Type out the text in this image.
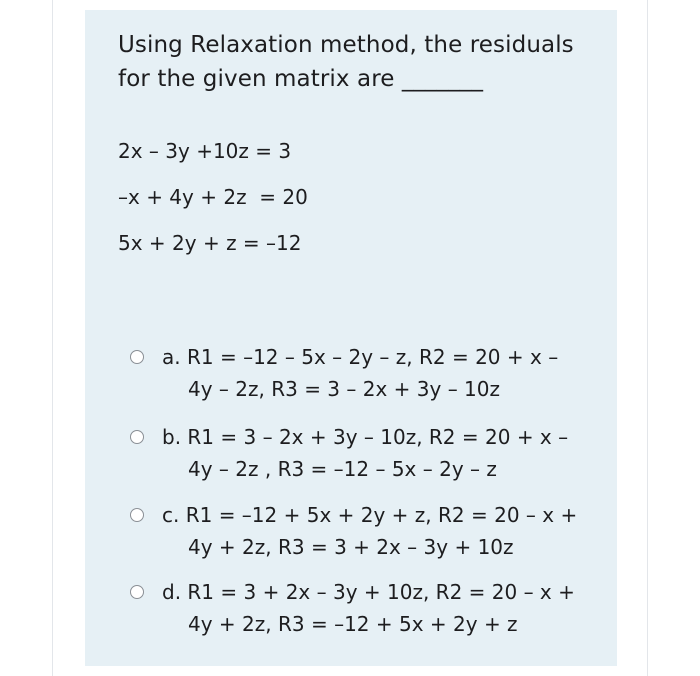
Using Relaxation method, the residuals
for the given matrix are _______
2x – 3y +10z = 3
–x + 4y + 2z  = 20
5x + 2y + z = –12
a. R1 = –12 – 5x – 2y – z, R2 = 20 + x –
4y – 2z, R3 = 3 – 2x + 3y – 10z
b. R1 = 3 – 2x + 3y – 10z, R2 = 20 + x –
4y – 2z , R3 = –12 – 5x – 2y – z
c. R1 = –12 + 5x + 2y + z, R2 = 20 – x +
4y + 2z, R3 = 3 + 2x – 3y + 10z
d. R1 = 3 + 2x – 3y + 10z, R2 = 20 – x +
4y + 2z, R3 = –12 + 5x + 2y + z
